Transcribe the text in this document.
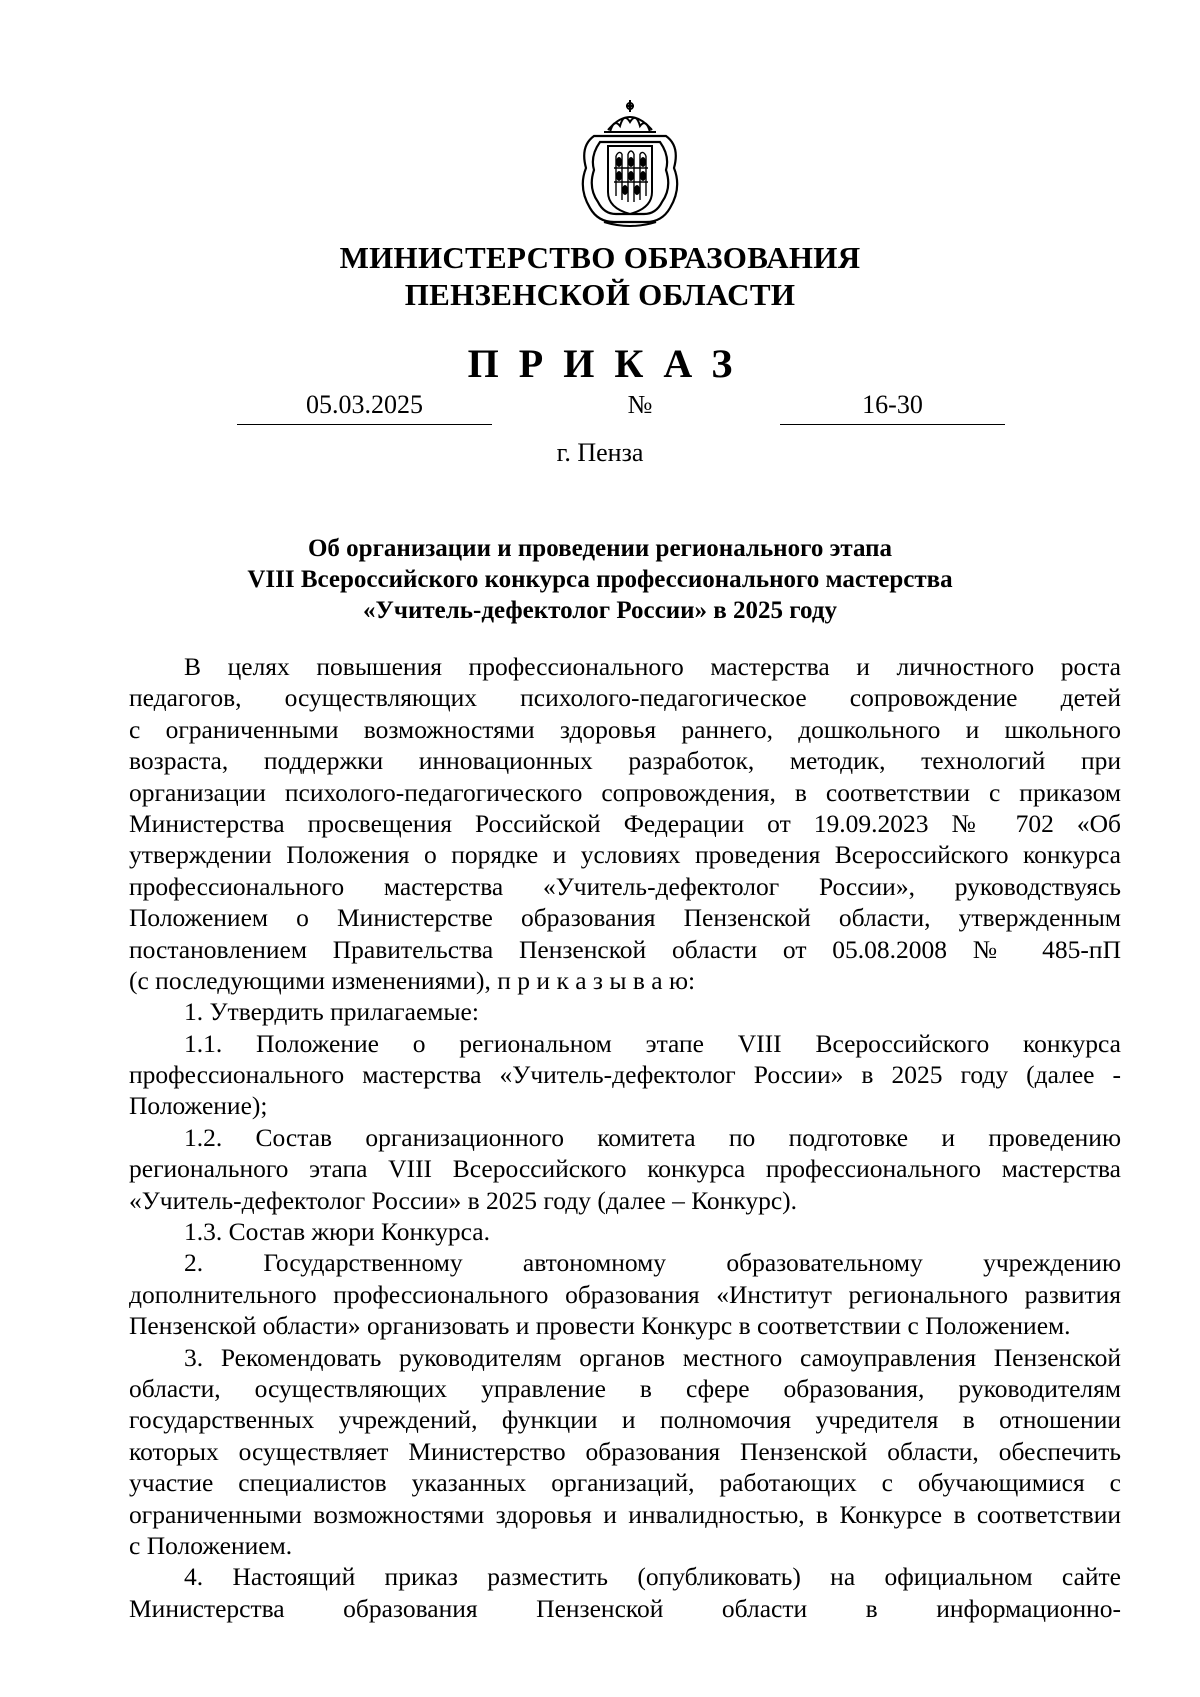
МИНИСТЕРСТВО ОБРАЗОВАНИЯ
ПЕНЗЕНСКОЙ ОБЛАСТИ
ПРИКАЗ
05.03.2025	№	16-30
г. Пенза
Об организации и проведении регионального этапа
VIII Всероссийского конкурса профессионального мастерства
«Учитель-дефектолог России» в 2025 году
В целях повышения профессионального мастерства и личностного роста
педагогов, осуществляющих психолого-педагогическое сопровождение детей
с ограниченными возможностями здоровья раннего, дошкольного и школьного
возраста, поддержки инновационных разработок, методик, технологий при
организации психолого-педагогического сопровождения, в соответствии с приказом
Министерства просвещения Российской Федерации от 19.09.2023 № 702 «Об
утверждении Положения о порядке и условиях проведения Всероссийского конкурса
профессионального мастерства «Учитель-дефектолог России», руководствуясь
Положением о Министерстве образования Пензенской области, утвержденным
постановлением Правительства Пензенской области от 05.08.2008 № 485-пП
(с последующими изменениями), п р и к а з ы в а ю:
1. Утвердить прилагаемые:
1.1. Положение о региональном этапе VIII Всероссийского конкурса
профессионального мастерства «Учитель-дефектолог России» в 2025 году (далее -
Положение);
1.2. Состав организационного комитета по подготовке и проведению
регионального этапа VIII Всероссийского конкурса профессионального мастерства
«Учитель-дефектолог России» в 2025 году (далее – Конкурс).
1.3. Состав жюри Конкурса.
2. Государственному автономному образовательному учреждению
дополнительного профессионального образования «Институт регионального развития
Пензенской области» организовать и провести Конкурс в соответствии с Положением.
3. Рекомендовать руководителям органов местного самоуправления Пензенской
области, осуществляющих управление в сфере образования, руководителям
государственных учреждений, функции и полномочия учредителя в отношении
которых осуществляет Министерство образования Пензенской области, обеспечить
участие специалистов указанных организаций, работающих с обучающимися с
ограниченными возможностями здоровья и инвалидностью, в Конкурсе в соответствии
с Положением.
4. Настоящий приказ разместить (опубликовать) на официальном сайте
Министерства образования Пензенской области в информационно-
